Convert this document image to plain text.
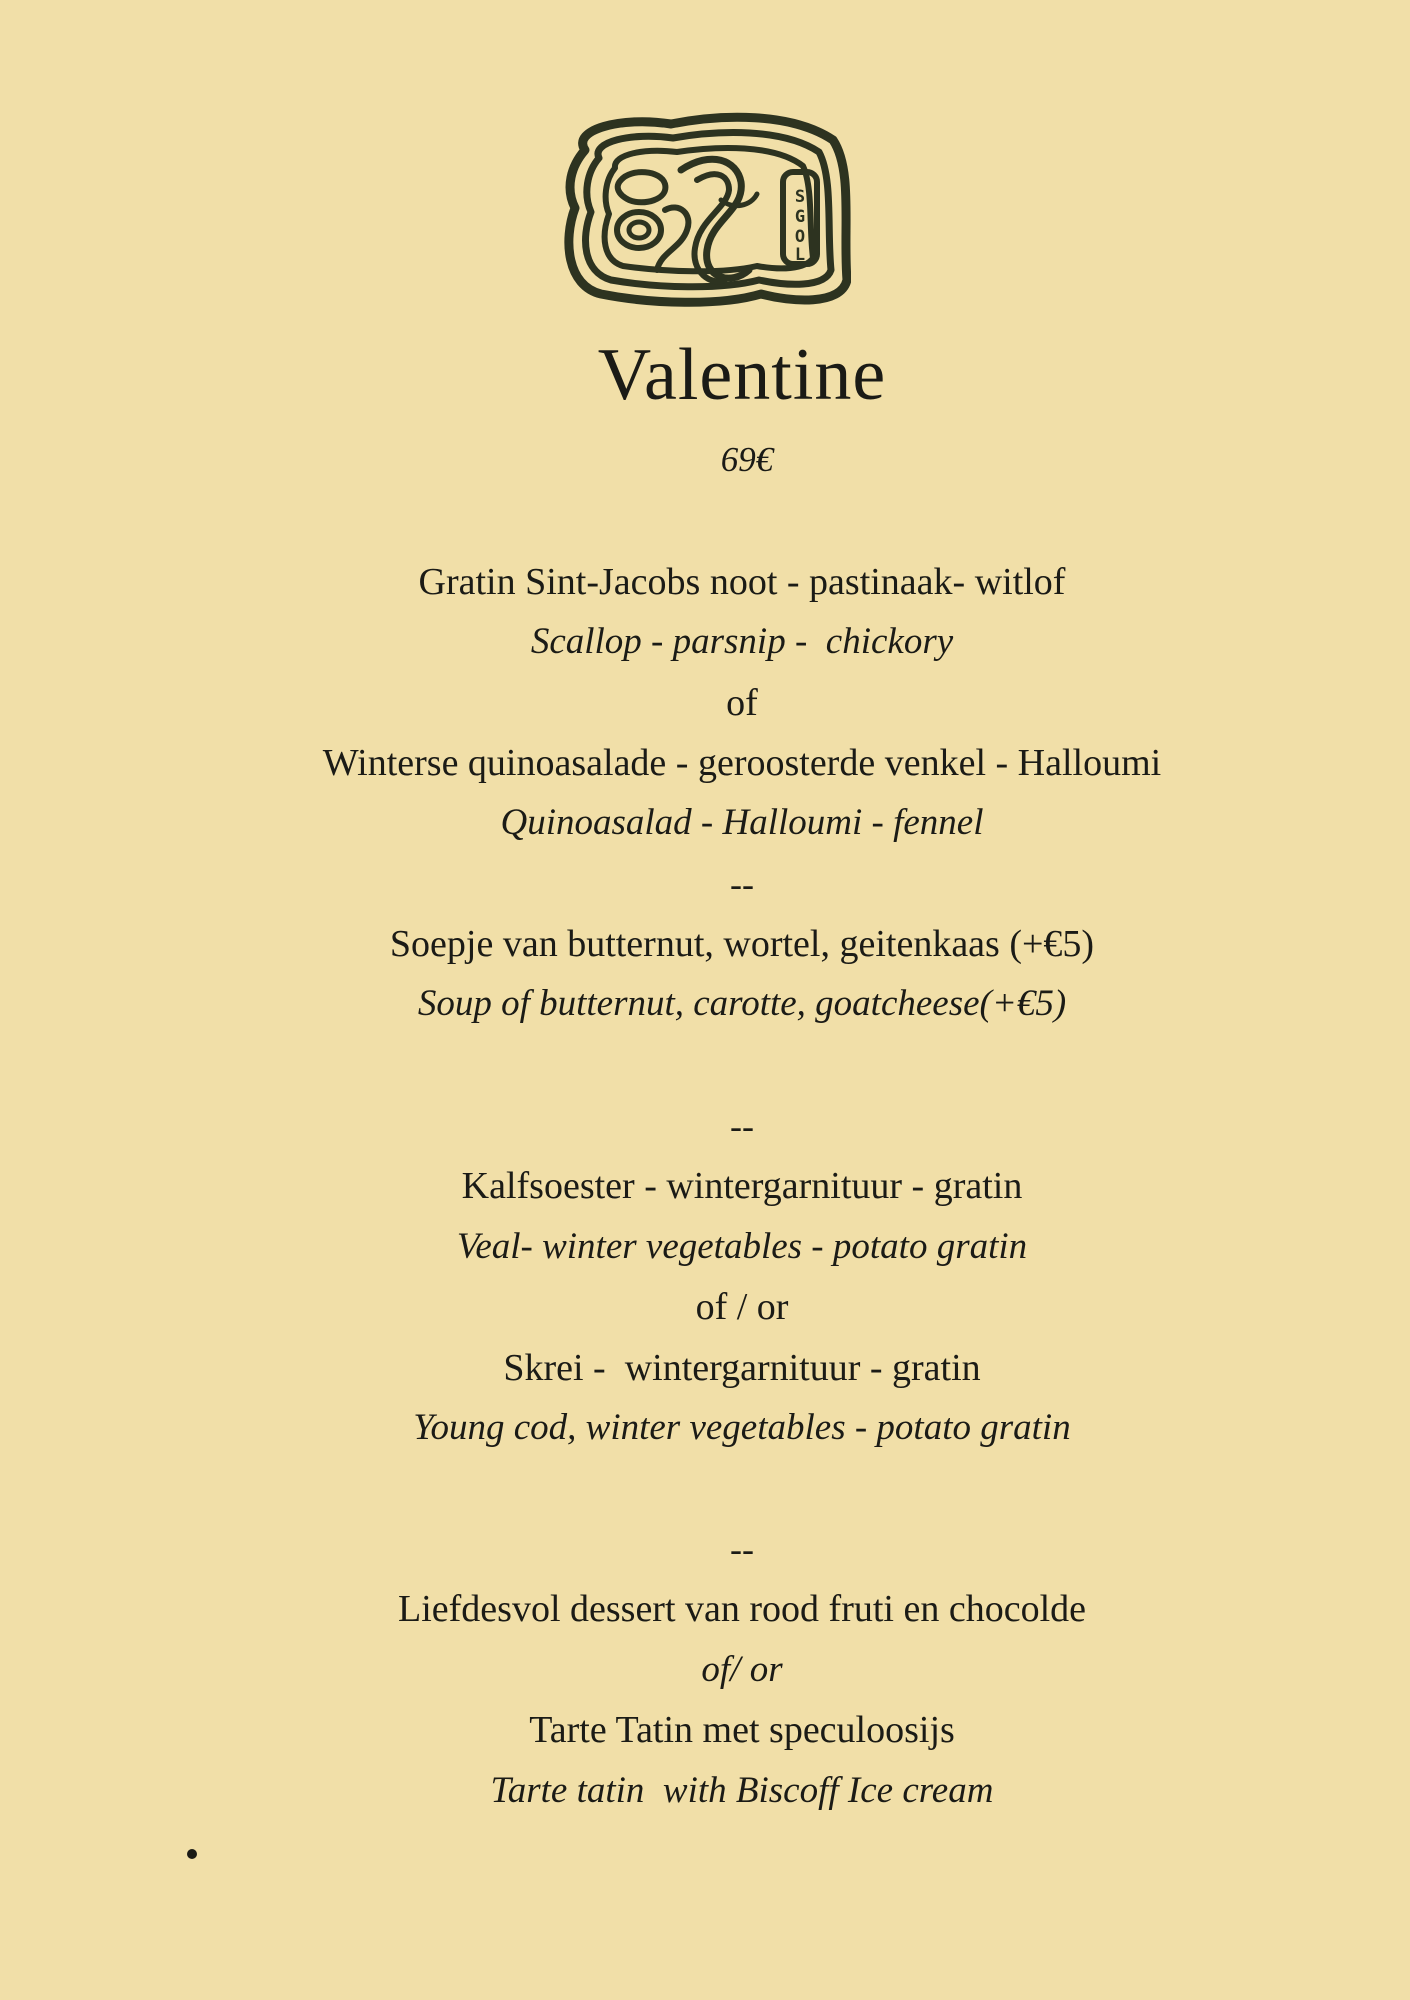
S
G
O
L
Valentine
69€
Gratin Sint-Jacobs noot - pastinaak- witlof
Scallop - parsnip -  chickory
of
Winterse quinoasalade - geroosterde venkel - Halloumi
Quinoasalad - Halloumi - fennel
--
Soepje van butternut, wortel, geitenkaas (+€5)
Soup of butternut, carotte, goatcheese(+€5)
--
Kalfsoester - wintergarnituur - gratin
Veal- winter vegetables - potato gratin
of / or
Skrei -  wintergarnituur - gratin
Young cod, winter vegetables - potato gratin
--
Liefdesvol dessert van rood fruti en chocolde
of/ or
Tarte Tatin met speculoosijs
Tarte tatin  with Biscoff Ice cream
